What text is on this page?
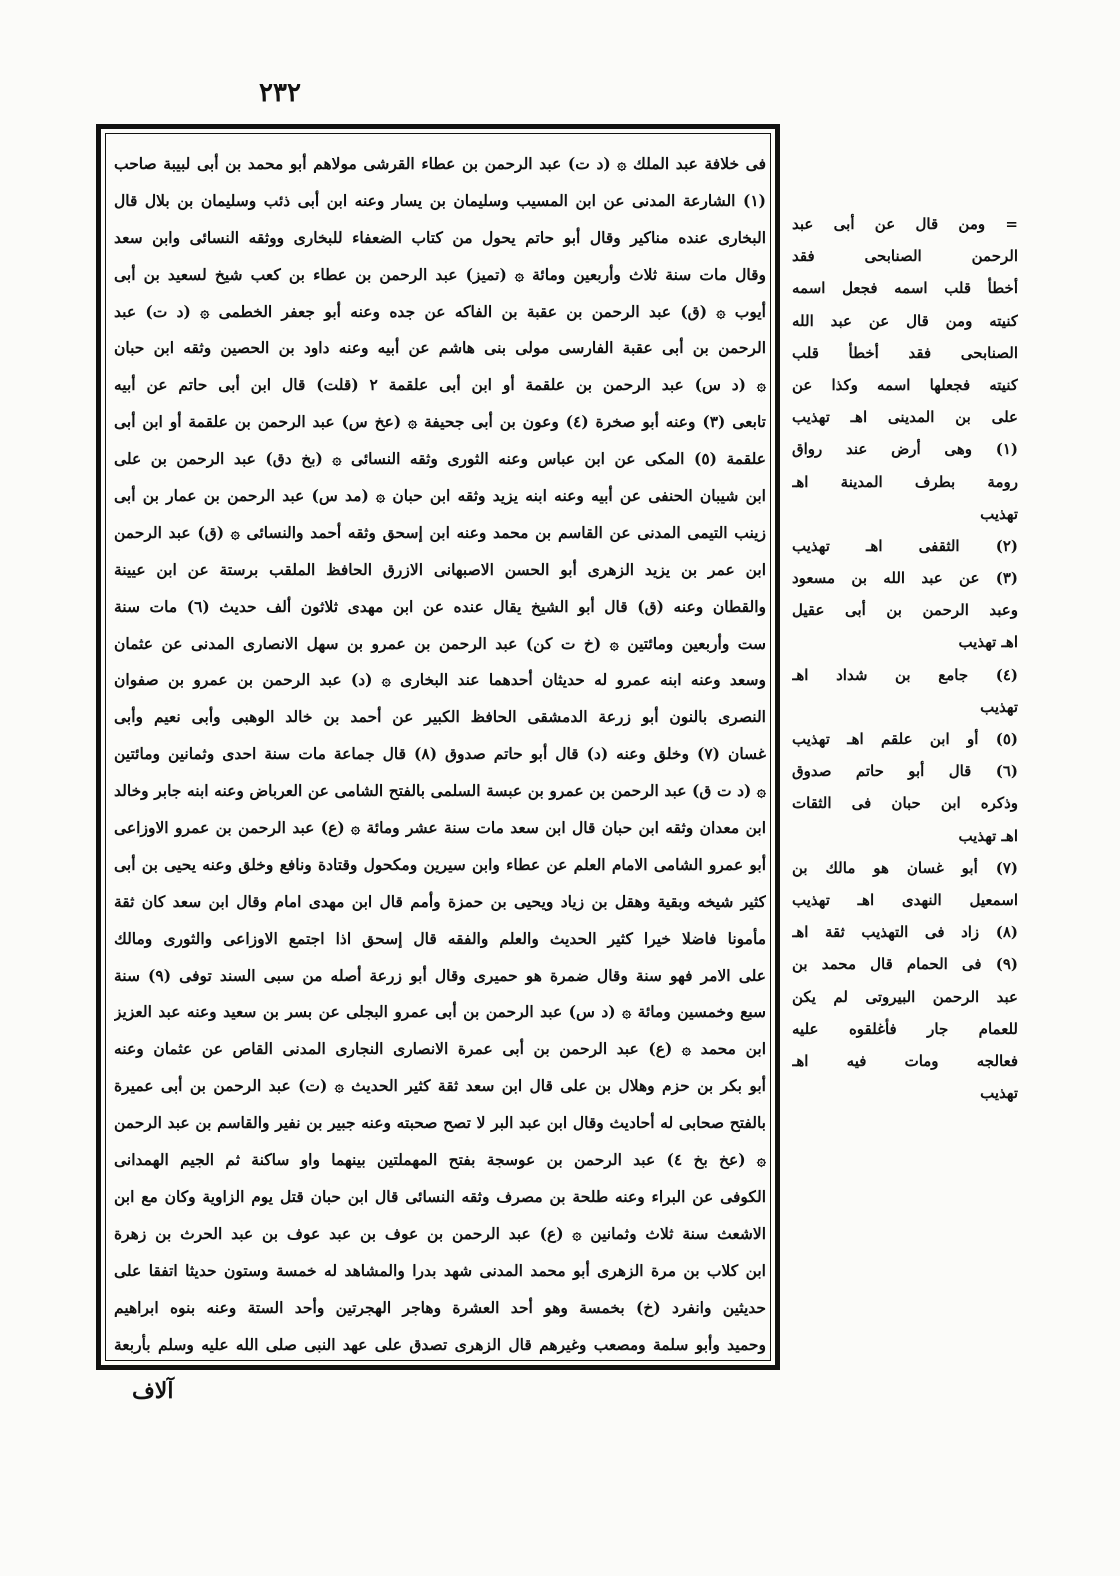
٢٣٢
فى خلافة عبد الملك ۞ (د ت) عبد الرحمن بن عطاء القرشى مولاهم أبو محمد بن أبى لبيبة صاحب
(١) الشارعة المدنى عن ابن المسيب وسليمان بن يسار وعنه ابن أبى ذئب وسليمان بن بلال قال
البخارى عنده مناكير وقال أبو حاتم يحول من كتاب الضعفاء للبخارى ووثقه النسائى وابن سعد
وقال مات سنة ثلاث وأربعين ومائة ۞ (تميز) عبد الرحمن بن عطاء بن كعب شيخ لسعيد بن أبى
أيوب ۞ (ق) عبد الرحمن بن عقبة بن الفاكه عن جده وعنه أبو جعفر الخطمى ۞ (د ت) عبد
الرحمن بن أبى عقبة الفارسى مولى بنى هاشم عن أبيه وعنه داود بن الحصين وثقه ابن حبان
۞ (د س) عبد الرحمن بن علقمة أو ابن أبى علقمة ٢ (قلت) قال ابن أبى حاتم عن أبيه
تابعى (٣) وعنه أبو صخرة (٤) وعون بن أبى جحيفة ۞ (عخ س) عبد الرحمن بن علقمة أو ابن أبى
علقمة (٥) المكى عن ابن عباس وعنه الثورى وثقه النسائى ۞ (بخ دق) عبد الرحمن بن على
ابن شيبان الحنفى عن أبيه وعنه ابنه يزيد وثقه ابن حبان ۞ (مد س) عبد الرحمن بن عمار بن أبى
زينب التيمى المدنى عن القاسم بن محمد وعنه ابن إسحق وثقه أحمد والنسائى ۞ (ق) عبد الرحمن
ابن عمر بن يزيد الزهرى أبو الحسن الاصبهانى الازرق الحافظ الملقب برستة عن ابن عيينة
والقطان وعنه (ق) قال أبو الشيخ يقال عنده عن ابن مهدى ثلاثون ألف حديث (٦) مات سنة
ست وأربعين ومائتين ۞ (خ ت كن) عبد الرحمن بن عمرو بن سهل الانصارى المدنى عن عثمان
وسعد وعنه ابنه عمرو له حديثان أحدهما عند البخارى ۞ (د) عبد الرحمن بن عمرو بن صفوان
النصرى بالنون أبو زرعة الدمشقى الحافظ الكبير عن أحمد بن خالد الوهبى وأبى نعيم وأبى
غسان (٧) وخلق وعنه (د) قال أبو حاتم صدوق (٨) قال جماعة مات سنة احدى وثمانين ومائتين
۞ (د ت ق) عبد الرحمن بن عمرو بن عبسة السلمى بالفتح الشامى عن العرباض وعنه ابنه جابر وخالد
ابن معدان وثقه ابن حبان قال ابن سعد مات سنة عشر ومائة ۞ (ع) عبد الرحمن بن عمرو الاوزاعى
أبو عمرو الشامى الامام العلم عن عطاء وابن سيرين ومكحول وقتادة ونافع وخلق وعنه يحيى بن أبى
كثير شيخه وبقية وهقل بن زياد ويحيى بن حمزة وأمم قال ابن مهدى امام وقال ابن سعد كان ثقة
مأمونا فاضلا خيرا كثير الحديث والعلم والفقه قال إسحق اذا اجتمع الاوزاعى والثورى ومالك
على الامر فهو سنة وقال ضمرة هو حميرى وقال أبو زرعة أصله من سبى السند توفى (٩) سنة
سبع وخمسين ومائة ۞ (د س) عبد الرحمن بن أبى عمرو البجلى عن بسر بن سعيد وعنه عبد العزيز
ابن محمد ۞ (ع) عبد الرحمن بن أبى عمرة الانصارى النجارى المدنى القاص عن عثمان وعنه
أبو بكر بن حزم وهلال بن على قال ابن سعد ثقة كثير الحديث ۞ (ت) عبد الرحمن بن أبى عميرة
بالفتح صحابى له أحاديث وقال ابن عبد البر لا تصح صحبته وعنه جبير بن نفير والقاسم بن عبد الرحمن
۞ (عخ بخ ٤) عبد الرحمن بن عوسجة بفتح المهملتين بينهما واو ساكنة ثم الجيم الهمدانى
الكوفى عن البراء وعنه طلحة بن مصرف وثقه النسائى قال ابن حبان قتل يوم الزاوية وكان مع ابن
الاشعث سنة ثلاث وثمانين ۞ (ع) عبد الرحمن بن عوف بن عبد عوف بن عبد الحرث بن زهرة
ابن كلاب بن مرة الزهرى أبو محمد المدنى شهد بدرا والمشاهد له خمسة وستون حديثا اتفقا على
حديثين وانفرد (خ) بخمسة وهو أحد العشرة وهاجر الهجرتين وأحد الستة وعنه بنوه ابراهيم
وحميد وأبو سلمة ومصعب وغيرهم قال الزهرى تصدق على عهد النبى صلى الله عليه وسلم بأربعة
= ومن قال عن أبى عبد
الرحمن الصنابحى فقد
أخطأ قلب اسمه فجعل اسمه
كنيته ومن قال عن عبد الله
الصنابحى فقد أخطأ قلب
كنيته فجعلها اسمه وكذا عن
على بن المدينى اهـ تهذيب
(١) وهى أرض عند رواق
رومة بطرف المدينة اهـ
تهذيب
(٢) الثقفى اهـ تهذيب
(٣) عن عبد الله بن مسعود
وعبد الرحمن بن أبى عقيل
اهـ تهذيب
(٤) جامع بن شداد اهـ
تهذيب
(٥) أو ابن علقم اهـ تهذيب
(٦) قال أبو حاتم صدوق
وذكره ابن حبان فى الثقات
اهـ تهذيب
(٧) أبو غسان هو مالك بن
اسمعيل النهدى اهـ تهذيب
(٨) زاد فى التهذيب ثقة اهـ
(٩) فى الحمام قال محمد بن
عبد الرحمن البيروتى لم يكن
للعمام جار فأغلقوه عليه
فعالجه ومات فيه اهـ
تهذيب
آلاف
